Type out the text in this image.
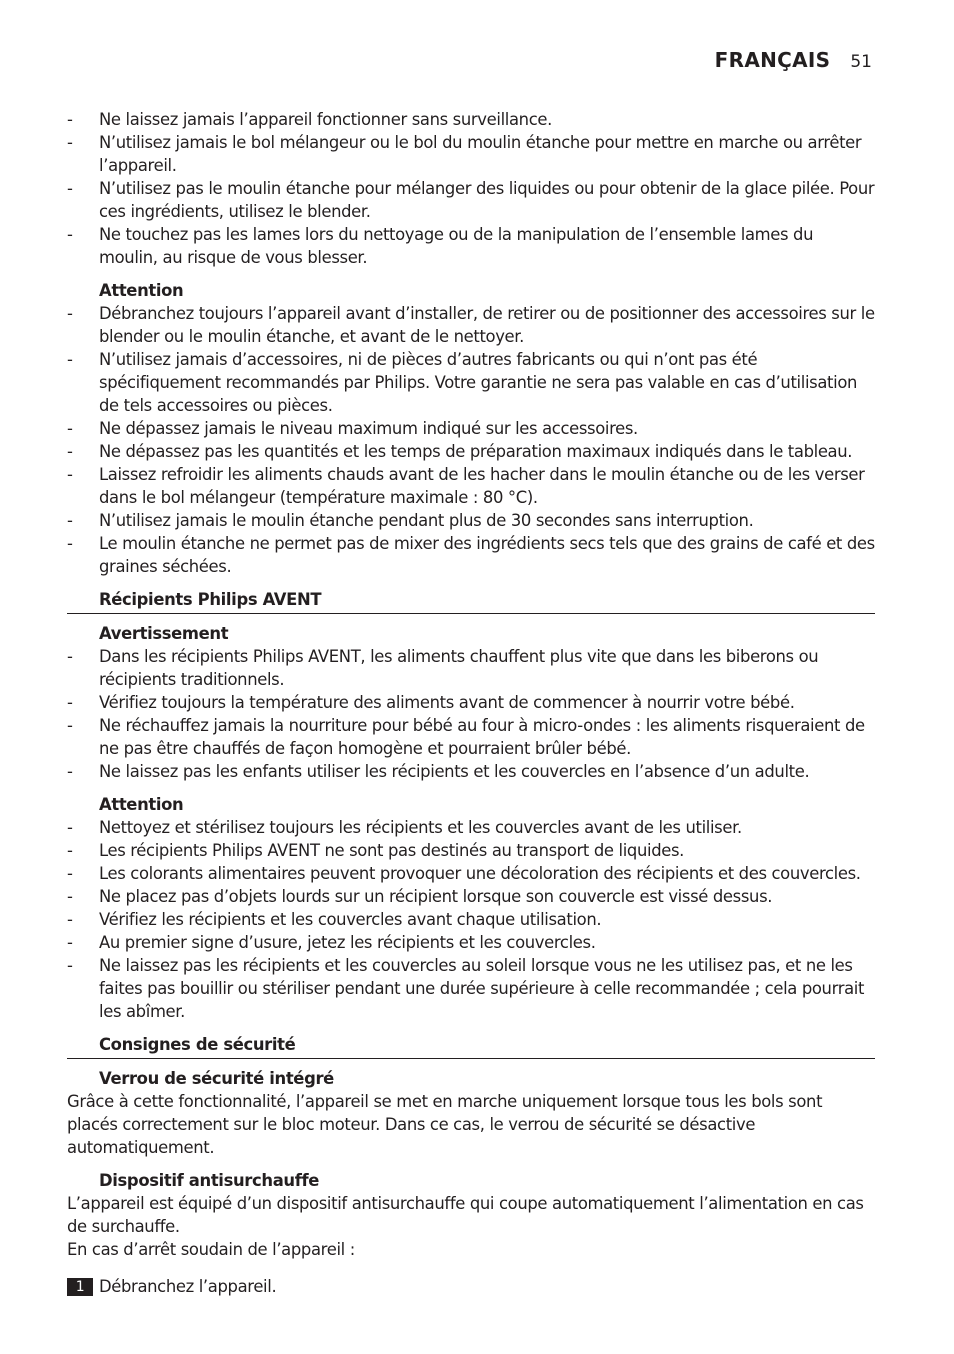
FRANÇAIS 51
- Ne laissez jamais l’appareil fonctionner sans surveillance.
- N’utilisez jamais le bol mélangeur ou le bol du moulin étanche pour mettre en marche ou arrêter l’appareil.
- N’utilisez pas le moulin étanche pour mélanger des liquides ou pour obtenir de la glace pilée. Pour ces ingrédients, utilisez le blender.
- Ne touchez pas les lames lors du nettoyage ou de la manipulation de l’ensemble lames du moulin, au risque de vous blesser.
Attention
- Débranchez toujours l’appareil avant d’installer, de retirer ou de positionner des accessoires sur le blender ou le moulin étanche, et avant de le nettoyer.
- N’utilisez jamais d’accessoires, ni de pièces d’autres fabricants ou qui n’ont pas été spécifiquement recommandés par Philips. Votre garantie ne sera pas valable en cas d’utilisation de tels accessoires ou pièces.
- Ne dépassez jamais le niveau maximum indiqué sur les accessoires.
- Ne dépassez pas les quantités et les temps de préparation maximaux indiqués dans le tableau.
- Laissez refroidir les aliments chauds avant de les hacher dans le moulin étanche ou de les verser dans le bol mélangeur (température maximale : 80 °C).
- N’utilisez jamais le moulin étanche pendant plus de 30 secondes sans interruption.
- Le moulin étanche ne permet pas de mixer des ingrédients secs tels que des grains de café et des graines séchées.
Récipients Philips AVENT
Avertissement
- Dans les récipients Philips AVENT, les aliments chauffent plus vite que dans les biberons ou récipients traditionnels.
- Vérifiez toujours la température des aliments avant de commencer à nourrir votre bébé.
- Ne réchauffez jamais la nourriture pour bébé au four à micro-ondes : les aliments risqueraient de ne pas être chauffés de façon homogène et pourraient brûler bébé.
- Ne laissez pas les enfants utiliser les récipients et les couvercles en l’absence d’un adulte.
Attention
- Nettoyez et stérilisez toujours les récipients et les couvercles avant de les utiliser.
- Les récipients Philips AVENT ne sont pas destinés au transport de liquides.
- Les colorants alimentaires peuvent provoquer une décoloration des récipients et des couvercles.
- Ne placez pas d’objets lourds sur un récipient lorsque son couvercle est vissé dessus.
- Vérifiez les récipients et les couvercles avant chaque utilisation.
- Au premier signe d’usure, jetez les récipients et les couvercles.
- Ne laissez pas les récipients et les couvercles au soleil lorsque vous ne les utilisez pas, et ne les faites pas bouillir ou stériliser pendant une durée supérieure à celle recommandée ; cela pourrait les abîmer.
Consignes de sécurité
Verrou de sécurité intégré

Grâce à cette fonctionnalité, l’appareil se met en marche uniquement lorsque tous les bols sont placés correctement sur le bloc moteur. Dans ce cas, le verrou de sécurité se désactive automatiquement.

Dispositif antisurchauffe

L’appareil est équipé d’un dispositif antisurchauffe qui coupe automatiquement l’alimentation en cas de surchauffe.

En cas d’arrêt soudain de l’appareil :

1 Débranchez l’appareil.
